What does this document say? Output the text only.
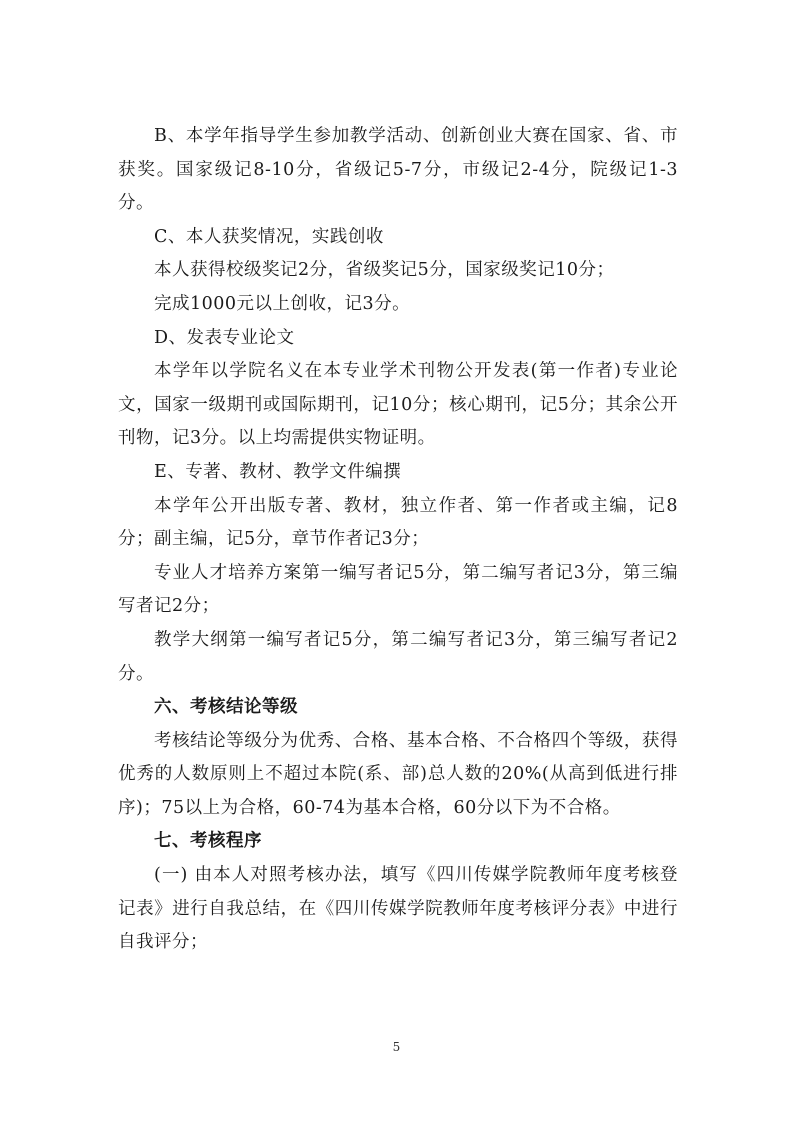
B、本学年指导学生参加教学活动、创新创业大赛在国家、省、市获奖。国家级记8-10分，省级记5-7分，市级记2-4分，院级记1-3分。

C、本人获奖情况，实践创收

本人获得校级奖记2分，省级奖记5分，国家级奖记10分；

完成1000元以上创收，记3分。

D、发表专业论文

本学年以学院名义在本专业学术刊物公开发表(第一作者)专业论文，国家一级期刊或国际期刊，记10分；核心期刊，记5分；其余公开刊物，记3分。以上均需提供实物证明。

E、专著、教材、教学文件编撰

本学年公开出版专著、教材，独立作者、第一作者或主编，记8分；副主编，记5分，章节作者记3分；

专业人才培养方案第一编写者记5分，第二编写者记3分，第三编写者记2分；

教学大纲第一编写者记5分，第二编写者记3分，第三编写者记2分。

六、考核结论等级

考核结论等级分为优秀、合格、基本合格、不合格四个等级，获得优秀的人数原则上不超过本院(系、部)总人数的20%(从高到低进行排序)；75以上为合格，60-74为基本合格，60分以下为不合格。

七、考核程序

(一) 由本人对照考核办法，填写《四川传媒学院教师年度考核登记表》进行自我总结，在《四川传媒学院教师年度考核评分表》中进行自我评分；

5
